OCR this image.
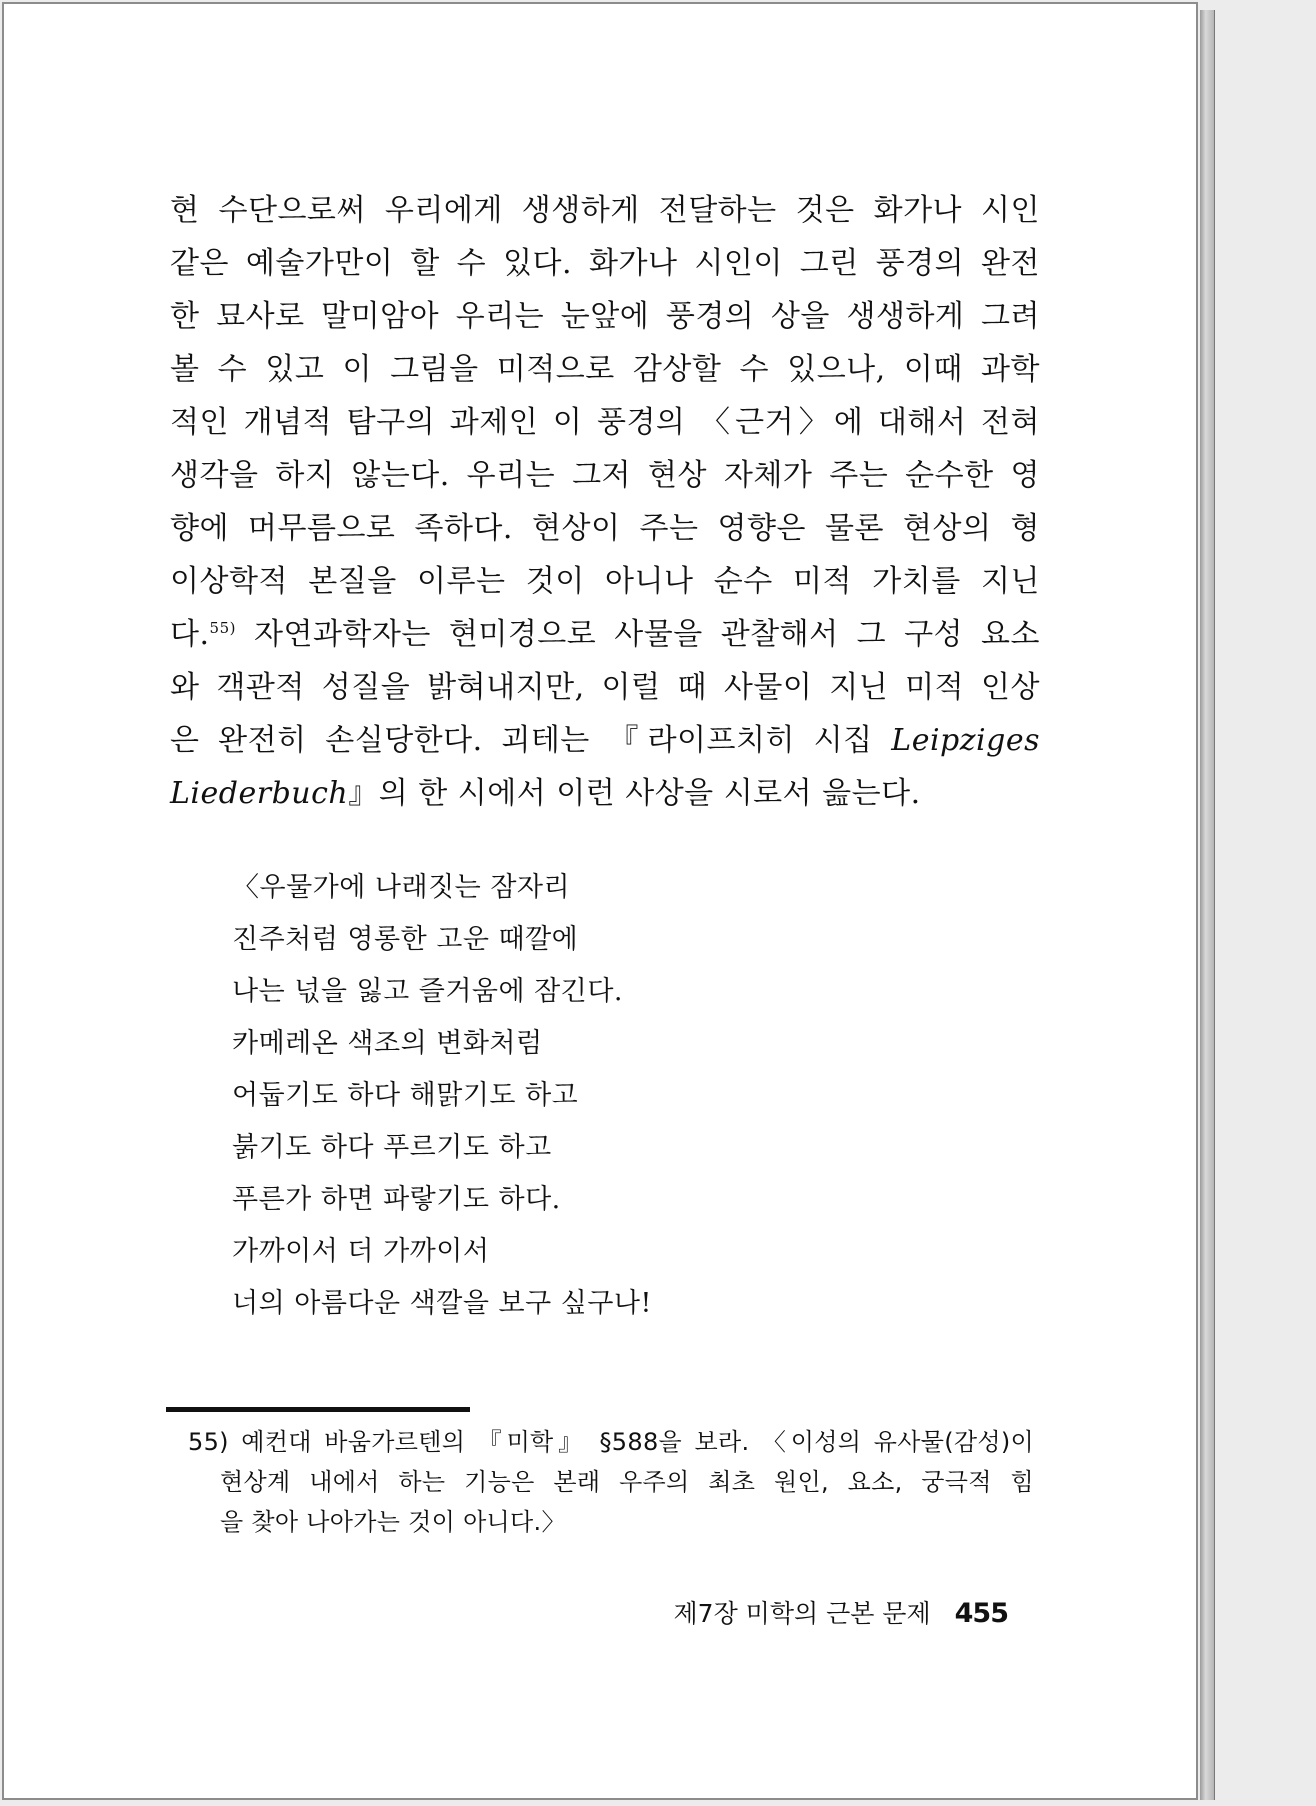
현 수단으로써 우리에게 생생하게 전달하는 것은 화가나 시인
같은 예술가만이 할 수 있다. 화가나 시인이 그린 풍경의 완전
한 묘사로 말미암아 우리는 눈앞에 풍경의 상을 생생하게 그려
볼 수 있고 이 그림을 미적으로 감상할 수 있으나, 이때 과학
적인 개념적 탐구의 과제인 이 풍경의 〈근거〉에 대해서 전혀
생각을 하지 않는다. 우리는 그저 현상 자체가 주는 순수한 영
향에 머무름으로 족하다. 현상이 주는 영향은 물론 현상의 형
이상학적 본질을 이루는 것이 아니나 순수 미적 가치를 지닌
다.$^{55)}$ 자연과학자는 현미경으로 사물을 관찰해서 그 구성 요소
와 객관적 성질을 밝혀내지만, 이럴 때 사물이 지닌 미적 인상
은 완전히 손실당한다. 괴테는 『라이프치히 시집 Leipziges
Liederbuch』의 한 시에서 이런 사상을 시로서 읊는다.
〈우물가에 나래짓는 잠자리
진주처럼 영롱한 고운 때깔에
나는 넋을 잃고 즐거움에 잠긴다.
카메레온 색조의 변화처럼
어둡기도 하다 해맑기도 하고
붉기도 하다 푸르기도 하고
푸른가 하면 파랗기도 하다.
가까이서 더 가까이서
너의 아름다운 색깔을 보구 싶구나!
55) 예컨대 바움가르텐의 『미학』 §588을 보라. 〈이성의 유사물(감성)이
현상계 내에서 하는 기능은 본래 우주의 최초 원인, 요소, 궁극적 힘
을 찾아 나아가는 것이 아니다.〉
제7장 미학의 근본 문제 455
